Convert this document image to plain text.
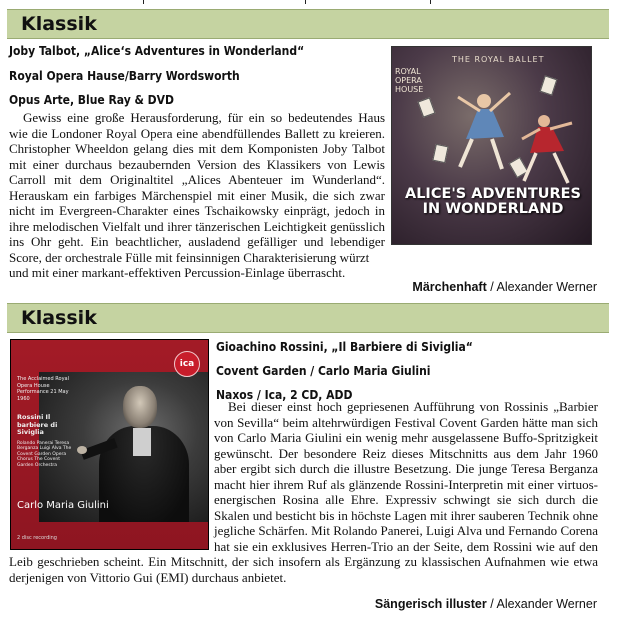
Klassik
Joby Talbot, „Alice‘s Adventures in Wonderland“
Royal Opera Hause/Barry Wordsworth
Opus Arte, Blue Ray & DVD
THE ROYAL BALLET
ROYAL OPERA HOUSE
ALICE'S ADVENTURES IN WONDERLAND
Gewiss eine große Herausforderung, für ein so bedeutendes Haus wie die Londoner Royal Opera eine abendfüllendes Ballett zu kreieren. Christopher Wheeldon gelang dies mit dem Komponisten Joby Talbot mit einer durchaus bezaubernden Version des Klassikers von Lewis Carroll mit dem Originaltitel „Alices Abenteuer im Wunderland“. Herauskam ein farbiges Märchenspiel mit einer Musik, die sich zwar nicht im Evergreen-Charakter eines Tschaikowsky einprägt, jedoch in ihre melodischen Vielfalt und ihrer tänzerischen Leichtigkeit genüsslich ins Ohr geht. Ein beachtlicher, ausladend gefälliger und lebendiger Score, der orchestrale Fülle mit feinsinnigen Charakterisierung würzt
und mit einer markant-effektiven Percussion-Einlage überrascht.
Märchenhaft / Alexander Werner
Klassik
ica
The Acclaimed Royal Opera House Performance 21 May 1960
Rossini Il barbiere di Siviglia
Rolando Panerai Teresa Berganza Luigi Alva The Covent Garden Opera Chorus The Covent Garden Orchestra
Carlo Maria Giulini
2 disc recording
Gioachino Rossini, „Il Barbiere di Siviglia“
Covent Garden / Carlo Maria Giulini
Naxos / Ica, 2 CD, ADD
Bei dieser einst hoch gepriesenen Aufführung von Rossinis „Barbier von Sevilla“ beim altehrwürdigen Festival Covent Garden hätte man sich von Carlo Maria Giulini ein wenig mehr ausgelassene Buffo-Spritzigkeit gewünscht. Der besondere Reiz dieses Mitschnitts aus dem Jahr 1960 aber ergibt sich durch die illustre Besetzung. Die junge Teresa Berganza macht hier ihrem Ruf als glänzende Rossini-Interpretin mit einer virtuos-energischen Rosina alle Ehre. Expressiv schwingt sie sich durch die Skalen und besticht bis in höchste Lagen mit ihrer sauberen Technik ohne jegliche Schärfen. Mit Rolando Panerei, Luigi Alva und Fernando Corena hat sie ein exklusives Herren-Trio an der Seite, dem Rossini wie auf den Leib geschrieben scheint. Ein Mitschnitt, der sich insofern als Ergänzung zu klassischen Aufnahmen wie etwa derjenigen von Vittorio Gui (EMI) durchaus anbietet.
Sängerisch illuster / Alexander Werner
